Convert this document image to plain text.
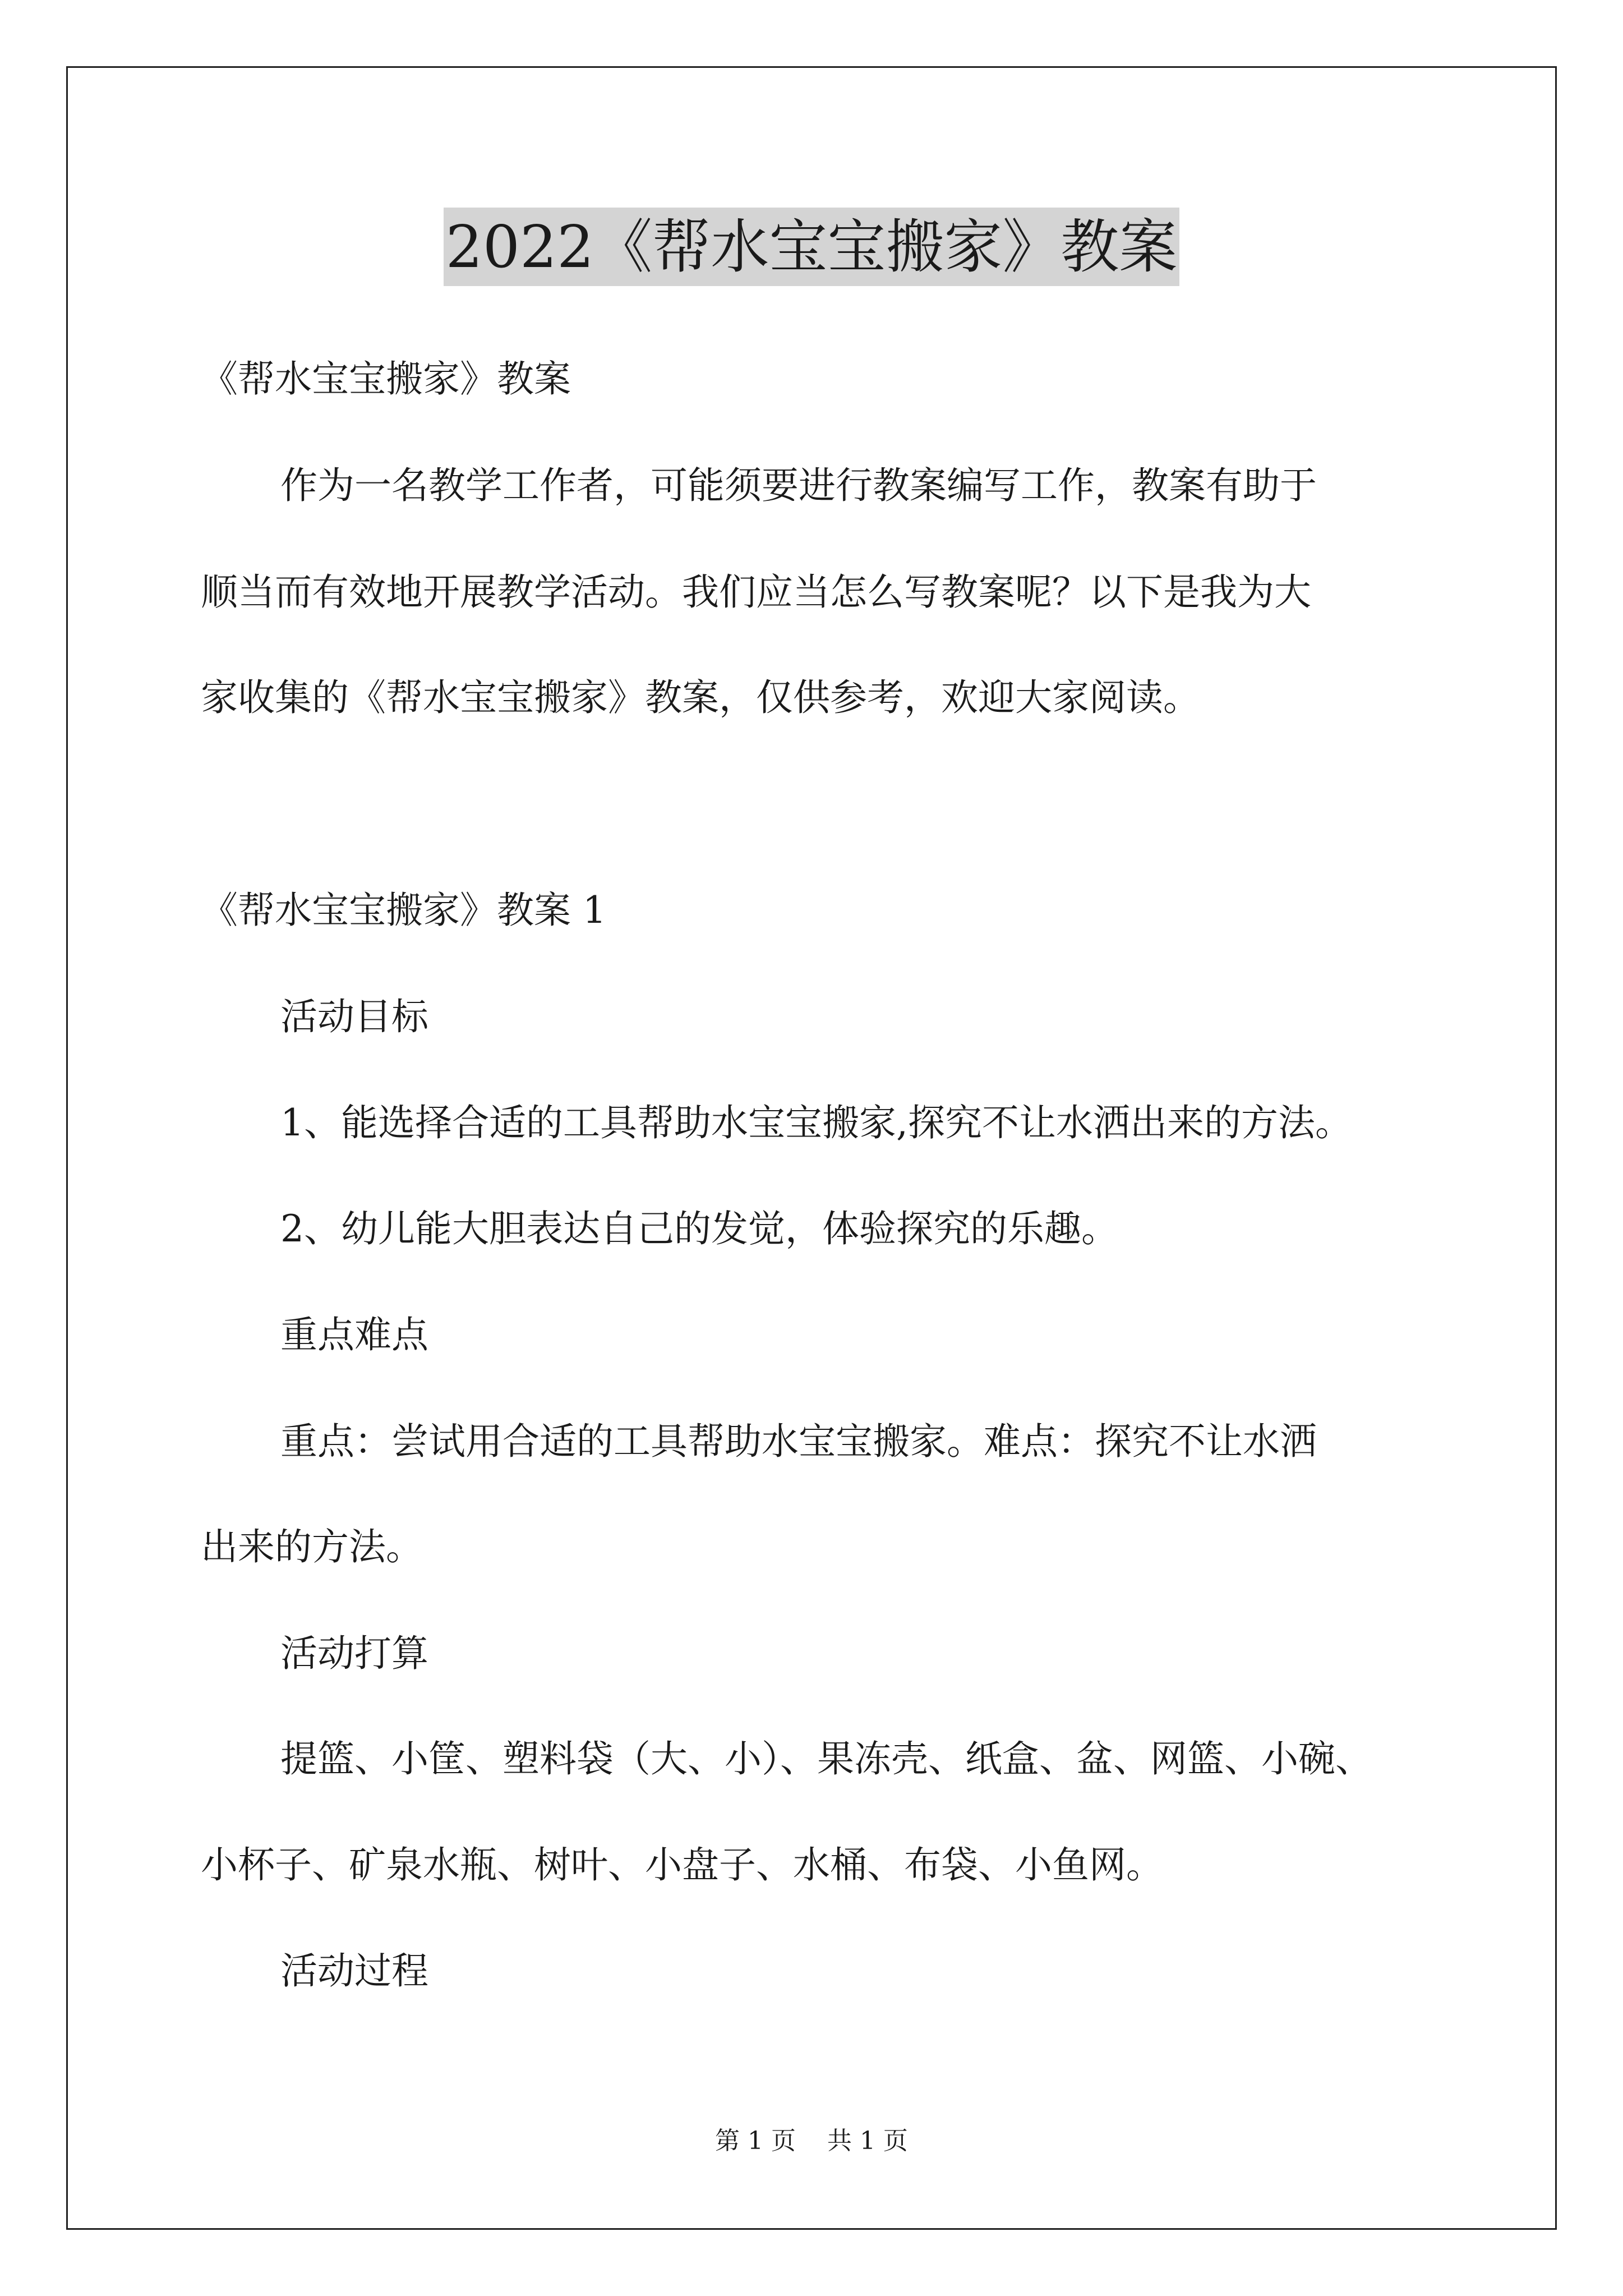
2022《帮水宝宝搬家》教案
《帮水宝宝搬家》教案
作为一名教学工作者，可能须要进行教案编写工作，教案有助于
顺当而有效地开展教学活动。我们应当怎么写教案呢？以下是我为大
家收集的《帮水宝宝搬家》教案，仅供参考，欢迎大家阅读。
《帮水宝宝搬家》教案 1
活动目标
1、能选择合适的工具帮助水宝宝搬家,探究不让水洒出来的方法。
2、幼儿能大胆表达自己的发觉，体验探究的乐趣。
重点难点
重点：尝试用合适的工具帮助水宝宝搬家。难点：探究不让水洒
出来的方法。
活动打算
提篮、小筐、塑料袋（大、小）、果冻壳、纸盒、盆、网篮、小碗、
小杯子、矿泉水瓶、树叶、小盘子、水桶、布袋、小鱼网。
活动过程
第 1 页    共 1 页
